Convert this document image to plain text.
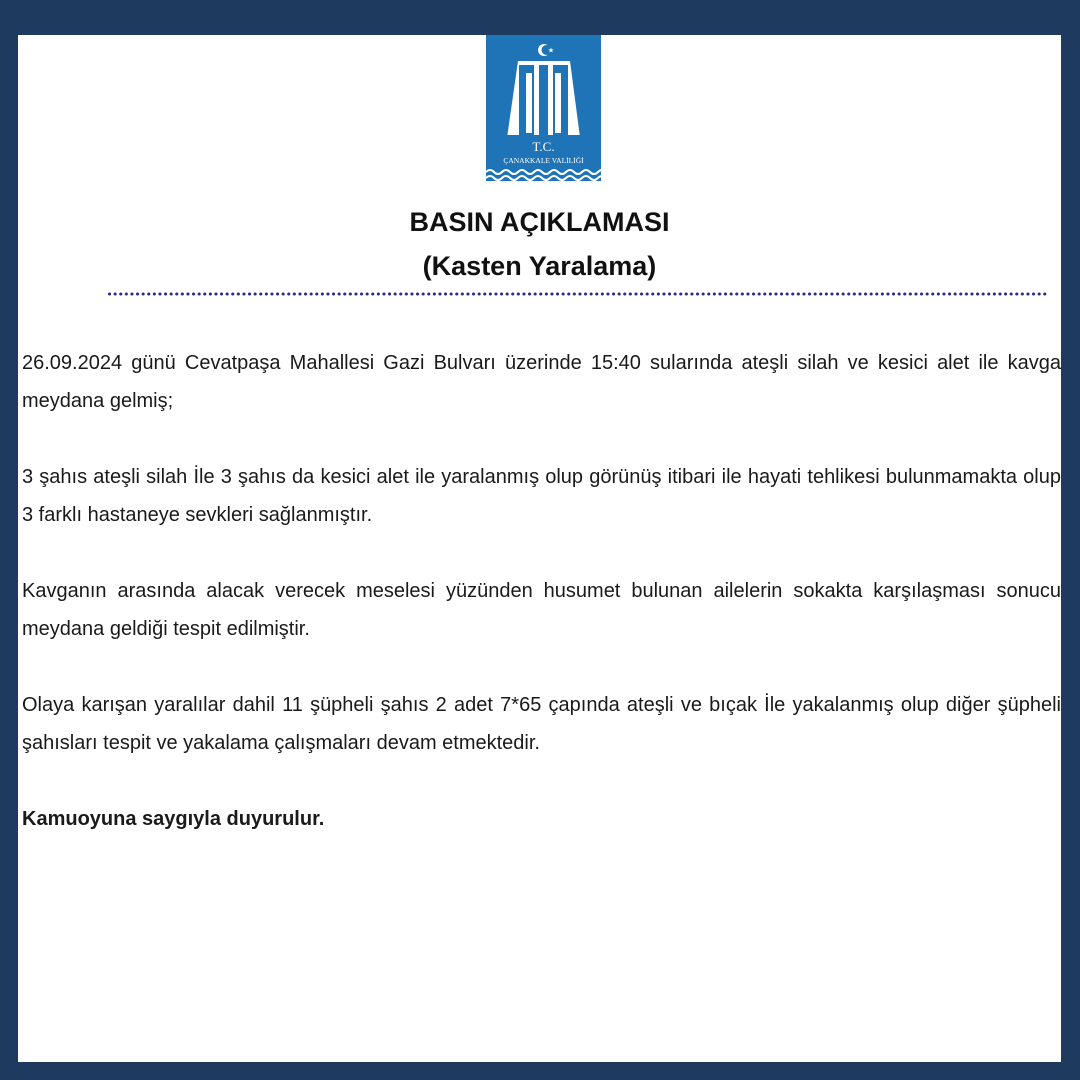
T.C.
ÇANAKKALE VALİLİĞİ
BASIN AÇIKLAMASI
(Kasten Yaralama)

26.09.2024 günü Cevatpaşa Mahallesi Gazi Bulvarı üzerinde 15:40 sularında ateşli silah ve kesici alet ile kavga meydana gelmiş;

3 şahıs ateşli silah İle 3 şahıs da kesici alet ile yaralanmış olup görünüş itibari ile hayati tehlikesi bulunmamakta olup 3 farklı hastaneye sevkleri sağlanmıştır.

Kavganın arasında alacak verecek meselesi yüzünden husumet bulunan ailelerin sokakta karşılaşması sonucu meydana geldiği tespit edilmiştir.

Olaya karışan yaralılar dahil 11 şüpheli şahıs 2 adet 7*65 çapında ateşli ve bıçak İle yakalanmış olup diğer şüpheli şahısları tespit ve yakalama çalışmaları devam etmektedir.

Kamuoyuna saygıyla duyurulur.
